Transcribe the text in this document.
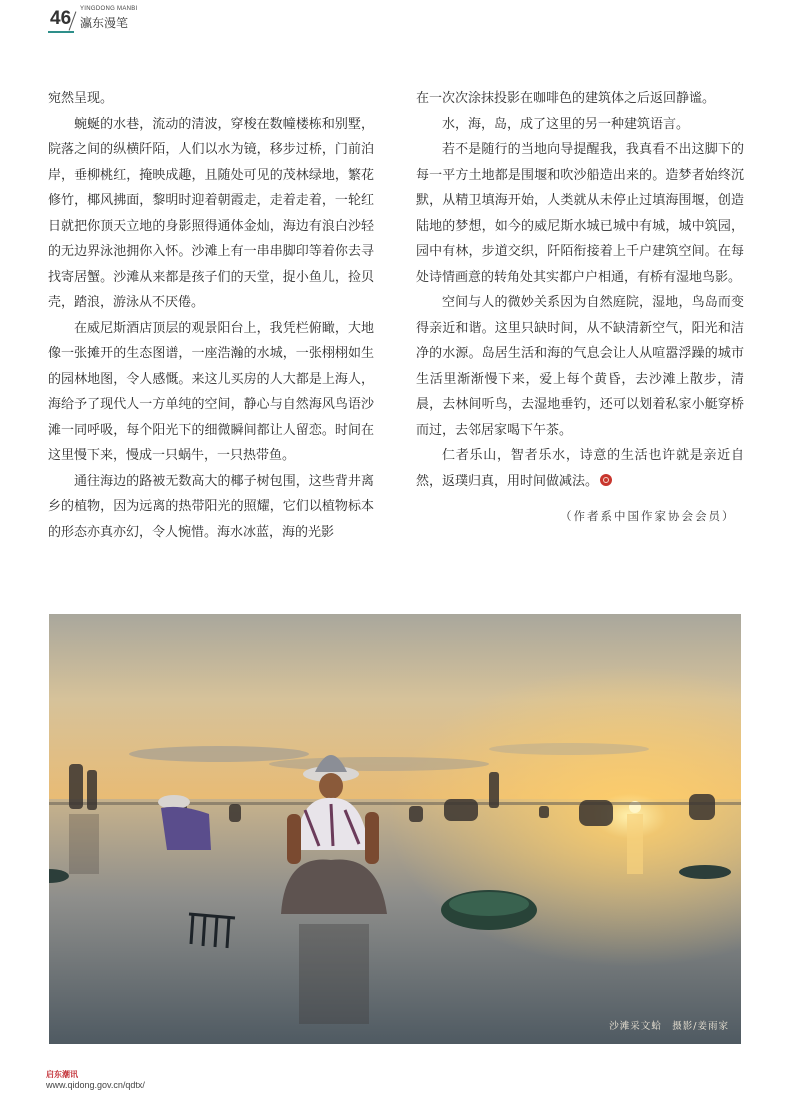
46 YINGDONG MANBI
瀛东漫笔

宛然呈现。

蜿蜒的水巷，流动的清波，穿梭在数幢楼栋和别墅，院落之间的纵横阡陌，人们以水为镜，移步过桥，门前泊岸，垂柳桃红，掩映成趣，且随处可见的茂林绿地，繁花修竹，椰风拂面，黎明时迎着朝霞走，走着走着，一轮红日就把你顶天立地的身影照得通体金灿，海边有浪白沙轻的无边界泳池拥你入怀。沙滩上有一串串脚印等着你去寻找寄居蟹。沙滩从来都是孩子们的天堂，捉小鱼儿，捡贝壳，踏浪，游泳从不厌倦。

在威尼斯酒店顶层的观景阳台上，我凭栏俯瞰，大地像一张摊开的生态图谱，一座浩瀚的水城，一张栩栩如生的园林地图，令人感慨。来这儿买房的人大都是上海人，海给予了现代人一方单纯的空间，静心与自然海风鸟语沙滩一同呼吸，每个阳光下的细微瞬间都让人留恋。时间在这里慢下来，慢成一只蜗牛，一只热带鱼。

通往海边的路被无数高大的椰子树包围，这些背井离乡的植物，因为远离的热带阳光的照耀，它们以植物标本的形态亦真亦幻，令人惋惜。海水冰蓝，海的光影

在一次次涂抹投影在咖啡色的建筑体之后返回静谧。

水，海，岛，成了这里的另一种建筑语言。

若不是随行的当地向导提醒我，我真看不出这脚下的每一平方土地都是围堰和吹沙船造出来的。造梦者始终沉默，从精卫填海开始，人类就从未停止过填海围堰，创造陆地的梦想，如今的威尼斯水城已城中有城，城中筑园，园中有林，步道交织，阡陌衔接着上千户建筑空间。在每处诗情画意的转角处其实都户户相通，有桥有湿地鸟影。

空间与人的微妙关系因为自然庭院，湿地，鸟岛而变得亲近和谐。这里只缺时间，从不缺清新空气，阳光和洁净的水源。岛居生活和海的气息会让人从喧嚣浮躁的城市生活里渐渐慢下来，爱上每个黄昏，去沙滩上散步，清晨，去林间听鸟，去湿地垂钓，还可以划着私家小艇穿桥而过，去邻居家喝下午茶。

仁者乐山，智者乐水，诗意的生活也许就是亲近自然，返璞归真，用时间做减法。

（作者系中国作家协会会员）
沙滩采文蛤　摄影/姜雨家
启东潮讯
www.qidong.gov.cn/qdtx/
